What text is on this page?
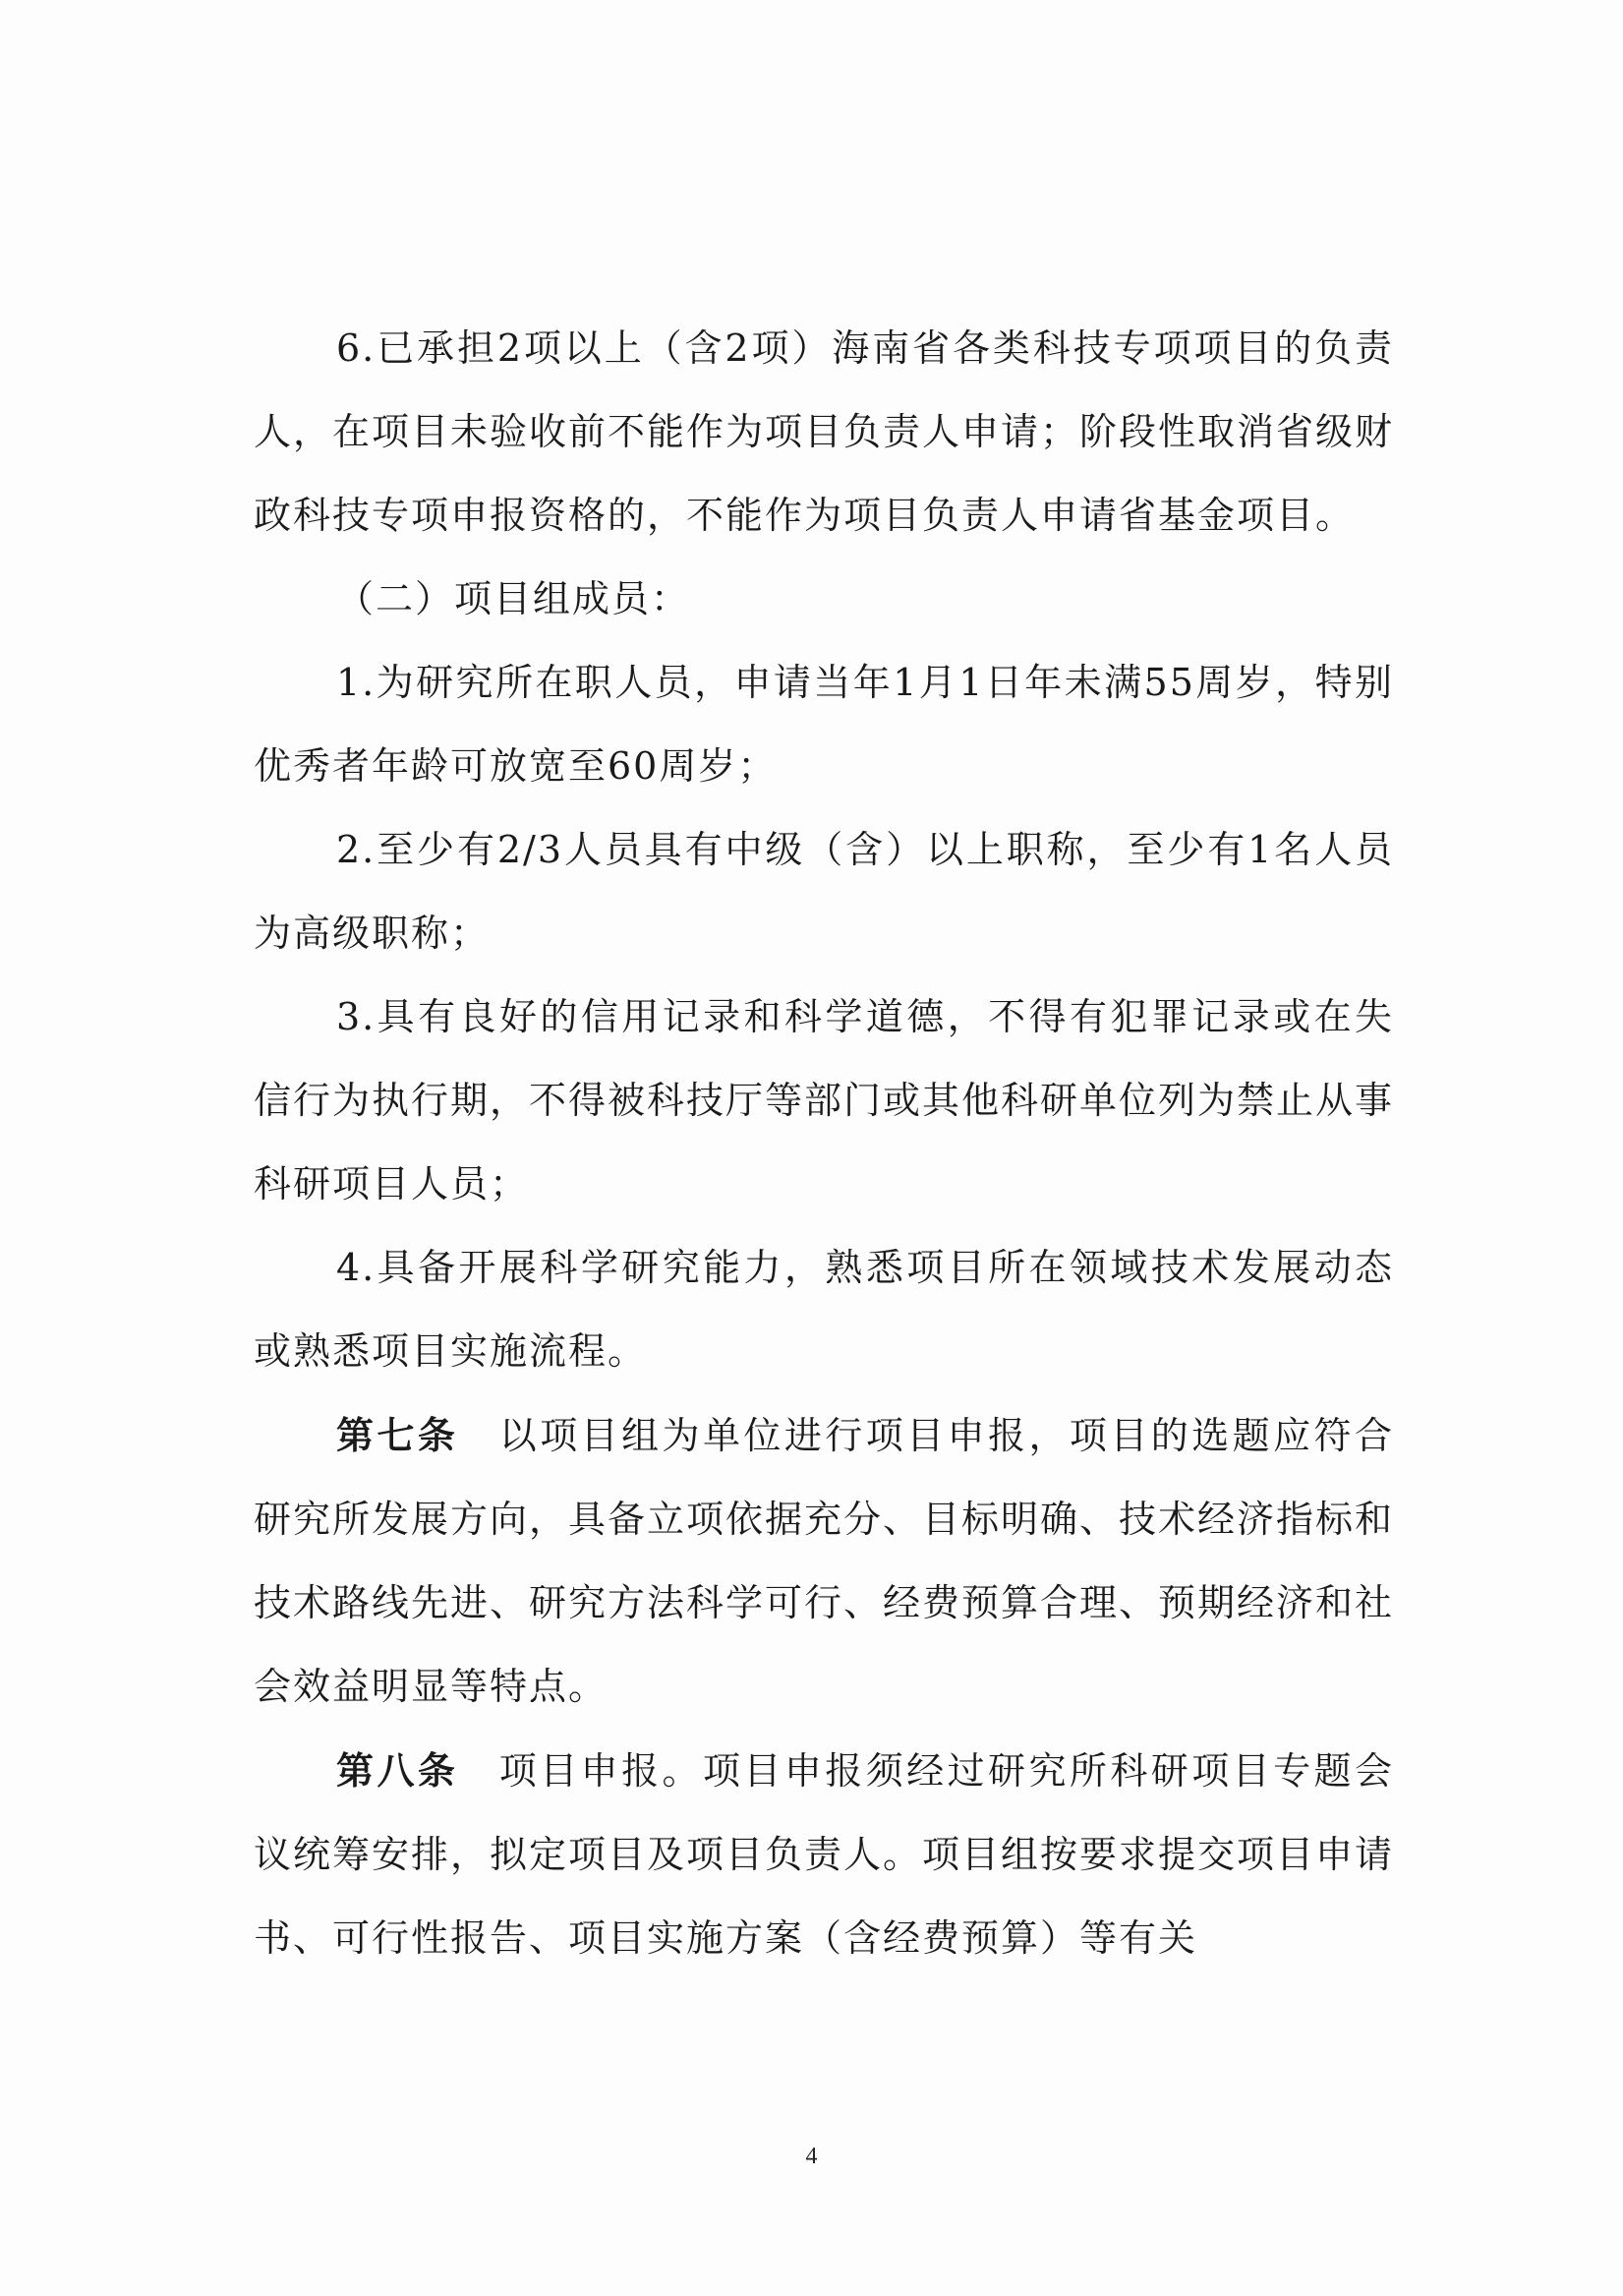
6.已承担2项以上（含2项）海南省各类科技专项项目的负责人，在项目未验收前不能作为项目负责人申请；阶段性取消省级财政科技专项申报资格的，不能作为项目负责人申请省基金项目。

（二）项目组成员：

1.为研究所在职人员，申请当年1月1日年未满55周岁，特别优秀者年龄可放宽至60周岁；

2.至少有2/3人员具有中级（含）以上职称，至少有1名人员为高级职称；

3.具有良好的信用记录和科学道德，不得有犯罪记录或在失信行为执行期，不得被科技厅等部门或其他科研单位列为禁止从事科研项目人员；

4.具备开展科学研究能力，熟悉项目所在领域技术发展动态或熟悉项目实施流程。

第七条  以项目组为单位进行项目申报，项目的选题应符合研究所发展方向，具备立项依据充分、目标明确、技术经济指标和技术路线先进、研究方法科学可行、经费预算合理、预期经济和社会效益明显等特点。

第八条  项目申报。项目申报须经过研究所科研项目专题会议统筹安排，拟定项目及项目负责人。项目组按要求提交项目申请书、可行性报告、项目实施方案（含经费预算）等有关

4
